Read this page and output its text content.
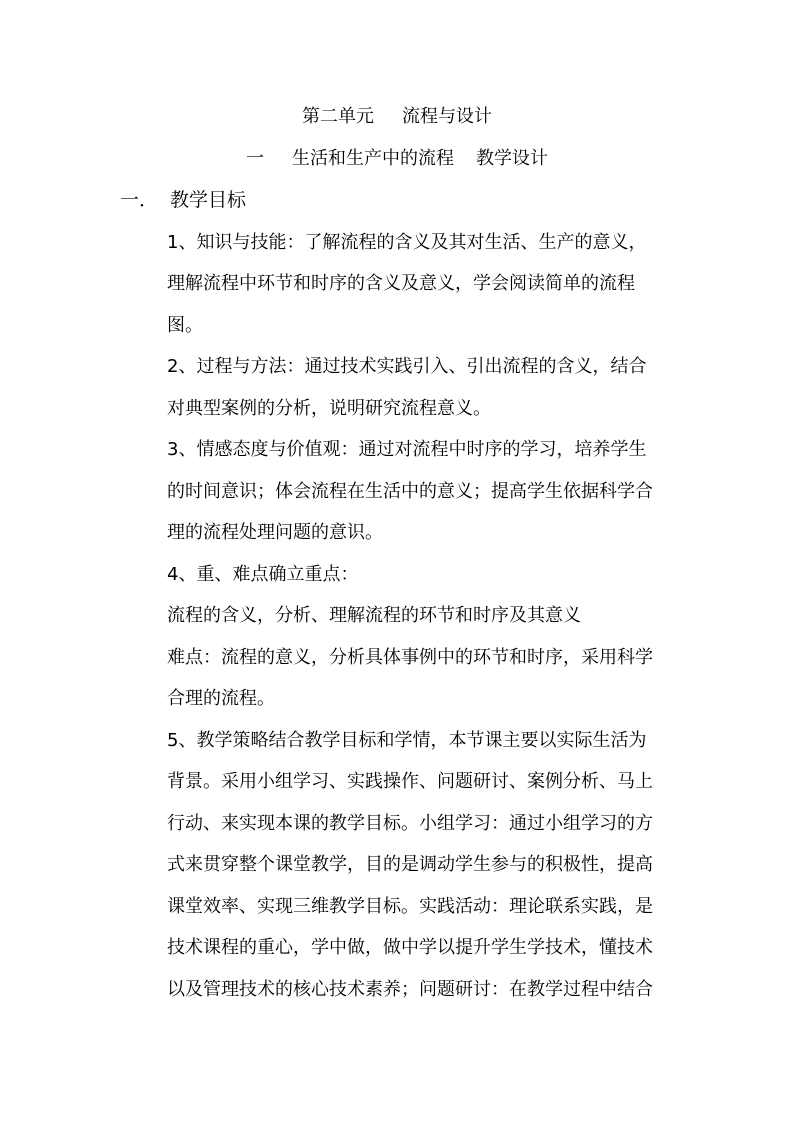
第二单元 流程与设计
一 生活和生产中的流程 教学设计
一． 教学目标
1、知识与技能：了解流程的含义及其对生活、生产的意义，
理解流程中环节和时序的含义及意义，学会阅读简单的流程
图。
2、过程与方法：通过技术实践引入、引出流程的含义，结合
对典型案例的分析，说明研究流程意义。
3、情感态度与价值观：通过对流程中时序的学习，培养学生
的时间意识；体会流程在生活中的意义；提高学生依据科学合
理的流程处理问题的意识。
4、重、难点确立重点：
流程的含义，分析、理解流程的环节和时序及其意义
难点：流程的意义，分析具体事例中的环节和时序，采用科学
合理的流程。
5、教学策略结合教学目标和学情，本节课主要以实际生活为
背景。采用小组学习、实践操作、问题研讨、案例分析、马上
行动、来实现本课的教学目标。小组学习：通过小组学习的方
式来贯穿整个课堂教学，目的是调动学生参与的积极性，提高
课堂效率、实现三维教学目标。实践活动：理论联系实践，是
技术课程的重心，学中做，做中学以提升学生学技术，懂技术
以及管理技术的核心技术素养；问题研讨：在教学过程中结合
